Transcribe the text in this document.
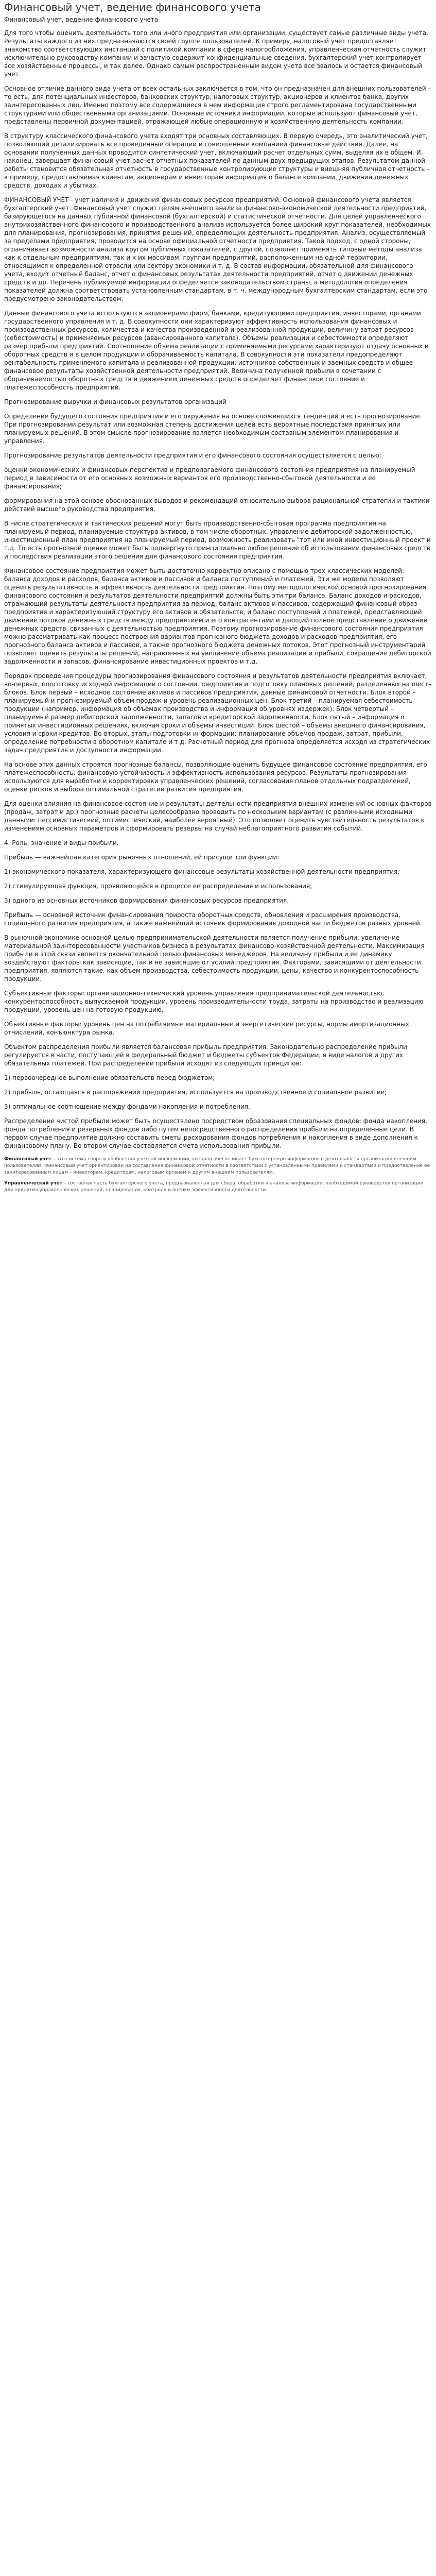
Финансовый учет, ведение финансового учета
Финансовый учет, ведение финансового учета

Для того чтобы оценить деятельность того или иного предприятия или организации, существует самые различные виды учета. Результаты каждого из них предназначаются своей группе пользователей. К примеру, налоговый учет предоставляет знакомство соответствующих инстанций с политикой компании в сфере налогообложения, управленческая отчетность служит исключительно руководству компании и зачастую содержит конфиденциальные сведения, бухгалтерский учет контролирует все хозяйственные процессы, и так далее. Однако самым распространенным видом учета все звалось и остается финансовый учет.

Основное отличие данного вида учета от всех остальных заключается в том, что он предназначен для внешних пользователей – то есть, для потенциальных инвесторов, банковских структур, налоговых структур, акционеров и клиентов банка, других заинтересованных лиц. Именно поэтому все содержащиеся в нем информация строго регламентирована государственными структурами или общественными организациями. Основные источники информации, которые используют финансовый учет, представлены первичной документацией, отражающей любые операционную и хозяйственную деятельность компании.

В структуру классического финансового учета входят три основных составляющих. В первую очередь, это аналитический учет, позволяющий детализировать все проведенные операции и совершенные компанией финансовые действия. Далее, на основании полученных данных проводится синтетический учет, включающий расчет отдельных сумм, выделяя их в общем. И, наконец, завершает финансовый учет расчет отчетных показателей по данным двух предыдущих этапов. Результатом данной работы становится обязательная отчетность в государственные контролирующие структуры и внешняя публичная отчетность – к примеру, предоставляемая клиентам, акционерам и инвесторам информация о балансе компании, движении денежных средств, доходах и убытках.

ФИНАНСОВЫЙ УЧЕТ - учет наличия и движения финансовых ресурсов предприятий. Основной финансового учета является бухгалтерский учет. Финансовый учет служит целям внешнего анализа финансово-экономической деятельности предприятий, базирующегося на данных публичной финансовой (бухгалтерской) и статистической отчетности. Для целей управленческого внутрихозяйственного финансового и производственного анализа используется более широкий круг показателей, необходимых для планирования, прогнозирования, принятия решений, определяющих деятельность предприятия. Анализ, осуществляемый за пределами предприятия, проводится на основе официальной отчетности предприятия. Такой подход, с одной стороны, ограничивает возможности анализа кругом публичных показателей, с другой, позволяет применять типовые методы анализа как к отдельным предприятиям, так и к их массивам: группам предприятий, расположенным на одной территории, относящимся к определенной отрасли или сектору экономики и т. д. В состав информации, обязательной для финансового учета, входит отчетный баланс, отчет о финансовых результатах деятельности предприятий, отчет о движении денежных средств и др. Перечень публикуемой информации определяется законодательством страны, а методология определения показателей должна соответствовать установленным стандартам, в т. ч. международным бухгалтерским стандартам, если это предусмотрено законодательством.

Данные финансового учета используются акционерами фирм, банками, кредитующими предприятия, инвесторами, органами государственного управления и т. д. В совокупности они характеризуют эффективность использования финансовых и производственных ресурсов, количества и качества произведенной и реализованной продукции, величину затрат ресурсов (себестоимость) и применяемых ресурсов (авансированного капитала). Объемы реализации и себестоимости определяют размер прибыли предприятий. Соотношение объема реализации с применяемыми ресурсами характеризуют отдачу основных и оборотных средств и в целом продукции и оборачиваемость капитала. В совокупности эти показатели предопределяют рентабельность применяемого капитала и реализованной продукции, источников собственных и заемных средств и общее финансовое результаты хозяйственной деятельности предприятий. Величина полученной прибыли в сочетании с оборачиваемостью оборотных средств и движением денежных средств определяет финансовое состояние и платежеспособность предприятий.

Прогнозирование выручки и финансовых результатов организаций

Определение будущего состояния предприятия и его окружения на основе сложившихся тенденций и есть прогнозирование. При прогнозировании результат или возможная степень достижения целей есть вероятные последствия принятых или планируемых решений. В этом смысле прогнозирование является необходимым составным элементом планирования и управления.

Прогнозирование результатов деятельности предприятия и его финансового состояния осуществляется с целью:

оценки экономических и финансовых перспектив и предполагаемого финансового состояния предприятия на планируемый период в зависимости от его основных возможных вариантов его производственно-сбытовой деятельности и ее финансирования;

формирования на этой основе обоснованных выводов и рекомендаций относительно выбора рациональной стратегии и тактики действий высшего руководства предприятия.

В числе стратегических и тактических решений могут быть производственно-сбытовая программа предприятия на планируемый период, планируемые структура активов, в том числе оборотных, управление дебиторской задолженностью, инвестиционный план предприятия на планируемый период, возможность реализовать "тот или иной инвестиционный проект и т.д. То есть прогнозной оценке может быть подвергнуто принципиально любое решение об использовании финансовых средств и последствия реализации этого решения для финансового состояния предприятия.

Финансовое состояние предприятия может быть достаточно корректно описано с помощью трех классических моделей: баланса доходов и расходов, баланса активов и пассивов и баланса поступлений и платежей. Эти же модели позволяют оценить результативность и эффективность деятельности предприятия. Поэтому методологической основой прогнозирования финансового состояния и результатов деятельности предприятий должны быть эти три баланса. Баланс доходов и расходов, отражающий результаты деятельности предприятия за период, баланс активов и пассивов, содержащий финансовый образ предприятия и характеризующий структуру его активов и обязательств, и баланс поступлений и платежей, представляющий движение потоков денежных средств между предприятием и его контрагентами и дающий полное представление о движении денежных средств, связанных с деятельностью предприятия. Поэтому прогнозирование финансового состояния предприятия можно рассматривать как процесс построения вариантов прогнозного бюджета доходов и расходов предприятия, его прогнозного баланса активов и пассивов, а также прогнозного бюджета денежных потоков. Этот прогнозный инструментарий позволяет оценить результаты решений, направленных на увеличение объема реализации и прибыли, сокращение дебиторской задолженности и запасов, финансирование инвестиционных проектов и т.д.

Порядок проведения процедуры прогнозирования финансового состояния и результатов деятельности предприятия включает, во-первых, подготовку исходной информации о состоянии предприятия и подготовку плановых решений, разделенных на шесть блоков. Блок первый – исходное состояние активов и пассивов предприятия, данные финансовой отчетности. Блок второй – планируемый и прогнозируемый объем продаж и уровень реализационных цен. Блок третий – планируемая себестоимость продукции (например, информация об объемах производства и информация об уровнях издержек). Блок четвертый – планируемый размер дебиторской задолженности, запасов и кредиторской задолженности. Блок пятый – информация о принятых инвестиционных решениях, включая сроки и объемы инвестиций. Блок шестой – объемы внешнего финансирования, условия и сроки кредитов. Во-вторых, этапы подготовки информации: планирование объемов продаж, затрат, прибыли, определение потребности в оборотном капитале и т.д. Расчетный период для прогноза определяется исходя из стратегических задач предприятия и доступности информации.

На основе этих данных строятся прогнозные балансы, позволяющие оценить будущее финансовое состояние предприятия, его платежеспособность, финансовую устойчивость и эффективность использования ресурсов. Результаты прогнозирования используются для выработки и корректировки управленческих решений, согласования планов отдельных подразделений, оценки рисков и выбора оптимальной стратегии развития предприятия.

Для оценки влияния на финансовое состояние и результаты деятельности предприятия внешних изменений основных факторов (продаж, затрат и др.) прогнозные расчеты целесообразно проводить по нескольким вариантам (с различными исходными данными: пессимистический, оптимистический, наиболее вероятный). Это позволяет оценить чувствительность результатов к изменениям основных параметров и сформировать резервы на случай неблагоприятного развития событий.

4. Роль, значение и виды прибыли.

Прибыль — важнейшая категория рыночных отношений, ей присущи три функции:

1) экономического показателя, характеризующего финансовые результаты хозяйственной деятельности предприятия;

2) стимулирующая функция, проявляющейся в процессе ее распределения и использования;

3) одного из основных источников формирования финансовых ресурсов предприятия.

Прибыль — основной источник финансирования прироста оборотных средств, обновления и расширения производства, социального развития предприятия, а также важнейший источник формирования доходной части бюджетов разных уровней.

В рыночной экономике основной целью предпринимательской деятельности является получение прибыли; увеличение материальной заинтересованности участников бизнеса в результатах финансово-хозяйственной деятельности. Максимизация прибыли в этой связи является окончательной целью финансовых менеджеров. На величину прибыли и ее динамику воздействуют факторы как зависящие, так и не зависящие от усилий предприятия. Факторами, зависящими от деятельности предприятия, являются такие, как объем производства, себестоимость продукции, цены, качество и конкурентоспособность продукции.

Субъективные факторы: организационно-технический уровень управления предпринимательской деятельностью, конкурентоспособность выпускаемой продукции, уровень производительности труда, затраты на производство и реализацию продукции, уровень цен на готовую продукцию.

Объективные факторы: уровень цен на потребляемые материальные и энергетические ресурсы, нормы амортизационных отчислений, конъюнктура рынка.

Объектом распределения прибыли является балансовая прибыль предприятия. Законодательно распределение прибыли регулируется в части, поступающей в федеральный бюджет и бюджеты субъектов Федерации, в виде налогов и других обязательных платежей. При распределении прибыли исходят из следующих принципов:

1) первоочередное выполнение обязательств перед бюджетом;

2) прибыль, остающаяся в распоряжении предприятия, используется на производственное и социальное развитие;

3) оптимальное соотношение между фондами накопления и потребления.

Распределение чистой прибыли может быть осуществлено посредством образования специальных фондов: фонда накопления, фонда потребления и резервных фондов либо путем непосредственного распределения прибыли на определенные цели. В первом случае предприятие должно составить сметы расходования фондов потребления и накопления в виде дополнения к финансовому плану. Во втором случае составляется смета использования прибыли.

Финансовый учет – это система сбора и обобщения учетной информации, которая обеспечивает бухгалтерскую информацию о деятельности организации внешним пользователям. Финансовый учет ориентирован на составление финансовой отчетности в соответствии с установленными правилами и стандартами и предоставление ее заинтересованным лицам – инвесторам, кредиторам, налоговым органам и другим внешним пользователям.

Управленческий учет – составная часть бухгалтерского учета, предназначенная для сбора, обработки и анализа информации, необходимой руководству организации для принятия управленческих решений, планирования, контроля и оценки эффективности деятельности.
